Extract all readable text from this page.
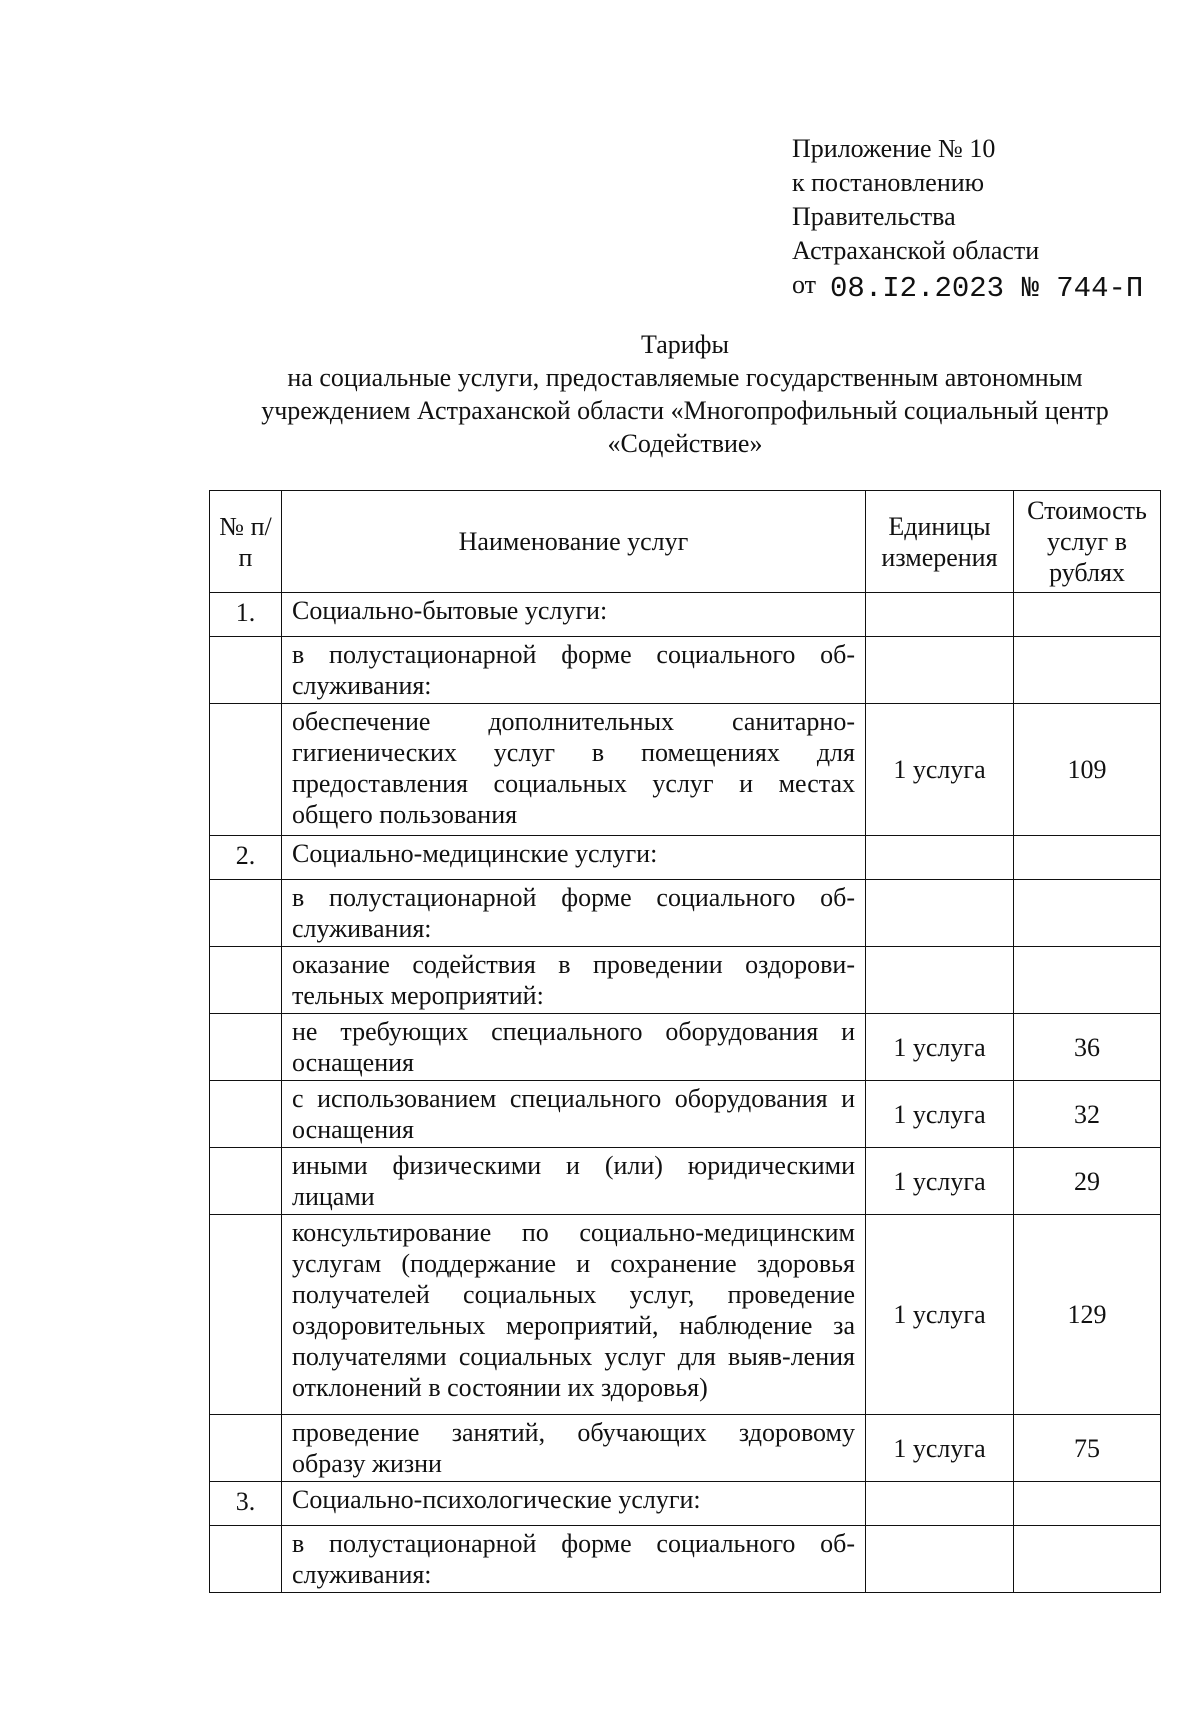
Приложение № 10
к постановлению
Правительства
Астраханской области
от 08.I2.2023 № 744-П
Тарифы
на социальные услуги, предоставляемые государственным автономным
учреждением Астраханской области «Многопрофильный социальный центр
«Содействие»
№ п/п	Наименование услуг	Единицы измерения	Стоимость услуг в рублях
1.	Социально-бытовые услуги:		
	в полустационарной форме социального об-служивания:		
	обеспечение дополнительных санитарно-гигиенических услуг в помещениях для предоставления социальных услуг и местах общего пользования	1 услуга	109
2.	Социально-медицинские услуги:		
	в полустационарной форме социального об-служивания:		
	оказание содействия в проведении оздорови-тельных мероприятий:		
	не требующих специального оборудования и оснащения	1 услуга	36
	с использованием специального оборудования и оснащения	1 услуга	32
	иными физическими и (или) юридическими лицами	1 услуга	29
	консультирование по социально-медицинским услугам (поддержание и сохранение здоровья получателей социальных услуг, проведение оздоровительных мероприятий, наблюдение за получателями социальных услуг для выяв-ления отклонений в состоянии их здоровья)	1 услуга	129
	проведение занятий, обучающих здоровому образу жизни	1 услуга	75
3.	Социально-психологические услуги:		
	в полустационарной форме социального об-служивания:		
